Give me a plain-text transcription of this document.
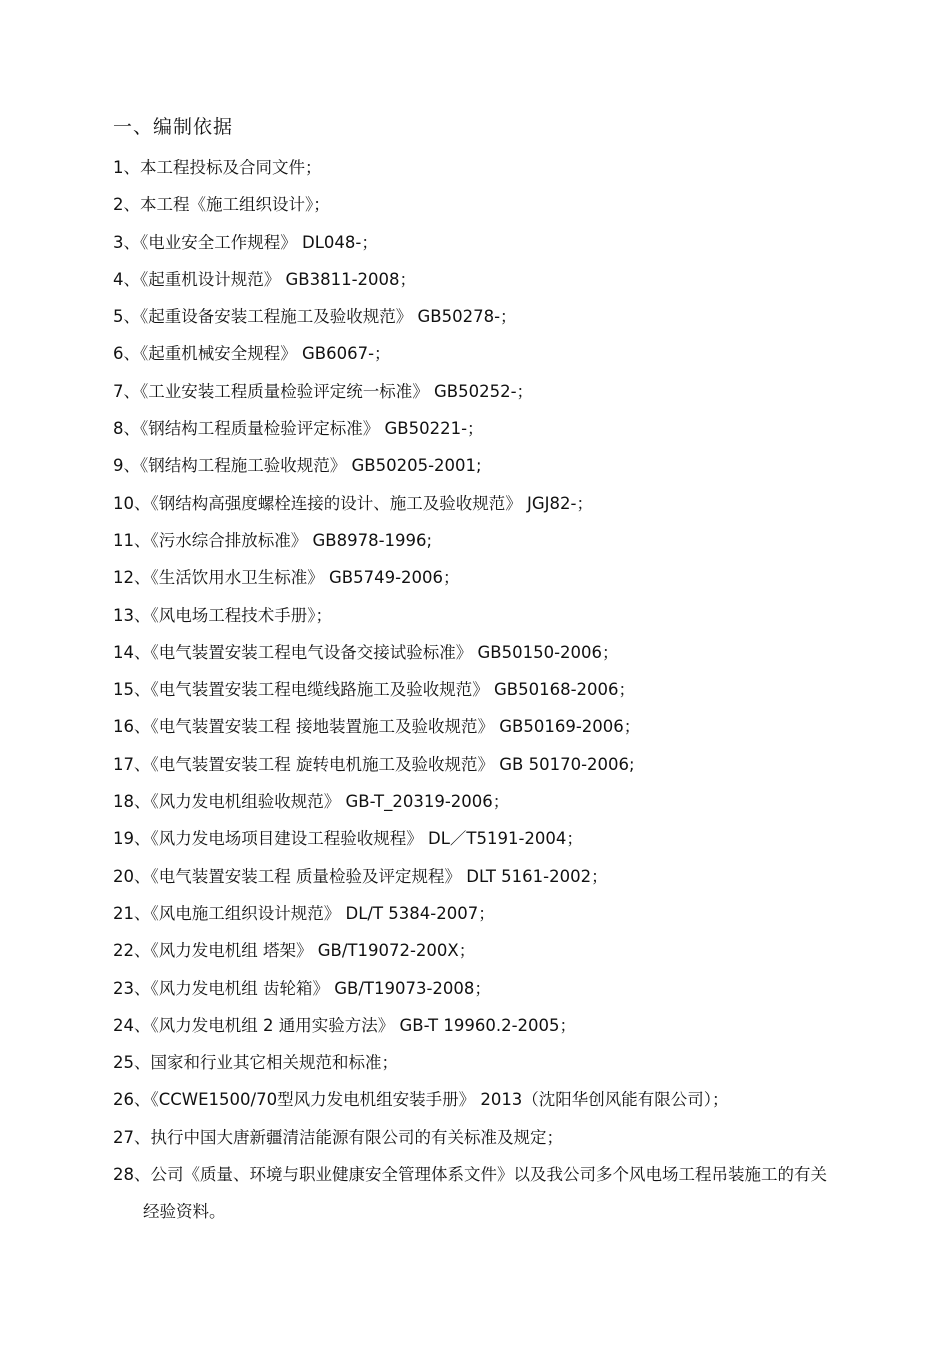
一、编制依据
1、本工程投标及合同文件；
2、本工程《施工组织设计》；
3、《电业安全工作规程》 DL048-；
4、《起重机设计规范》 GB3811-2008；
5、《起重设备安装工程施工及验收规范》 GB50278-；
6、《起重机械安全规程》 GB6067-；
7、《工业安装工程质量检验评定统一标准》 GB50252-；
8、《钢结构工程质量检验评定标准》 GB50221-；
9、《钢结构工程施工验收规范》 GB50205-2001;
10、《钢结构高强度螺栓连接的设计、施工及验收规范》 JGJ82-；
11、《污水综合排放标准》 GB8978-1996;
12、《生活饮用水卫生标准》 GB5749-2006；
13、《风电场工程技术手册》；
14、《电气装置安装工程电气设备交接试验标准》 GB50150-2006；
15、《电气装置安装工程电缆线路施工及验收规范》 GB50168-2006；
16、《电气装置安装工程 接地装置施工及验收规范》 GB50169-2006；
17、《电气装置安装工程 旋转电机施工及验收规范》 GB 50170-2006;
18、《风力发电机组验收规范》 GB-T_20319-2006；
19、《风力发电场项目建设工程验收规程》 DL／T5191-2004；
20、《电气装置安装工程 质量检验及评定规程》 DLT 5161-2002；
21、《风电施工组织设计规范》 DL/T 5384-2007；
22、《风力发电机组 塔架》 GB/T19072-200X；
23、《风力发电机组 齿轮箱》 GB/T19073-2008；
24、《风力发电机组 2 通用实验方法》 GB-T 19960.2-2005；
25、国家和行业其它相关规范和标准；
26、《CCWE1500/70型风力发电机组安装手册》 2013（沈阳华创风能有限公司）；
27、执行中国大唐新疆清洁能源有限公司的有关标准及规定；
28、公司《质量、环境与职业健康安全管理体系文件》以及我公司多个风电场工程吊装施工的有关经验资料。
